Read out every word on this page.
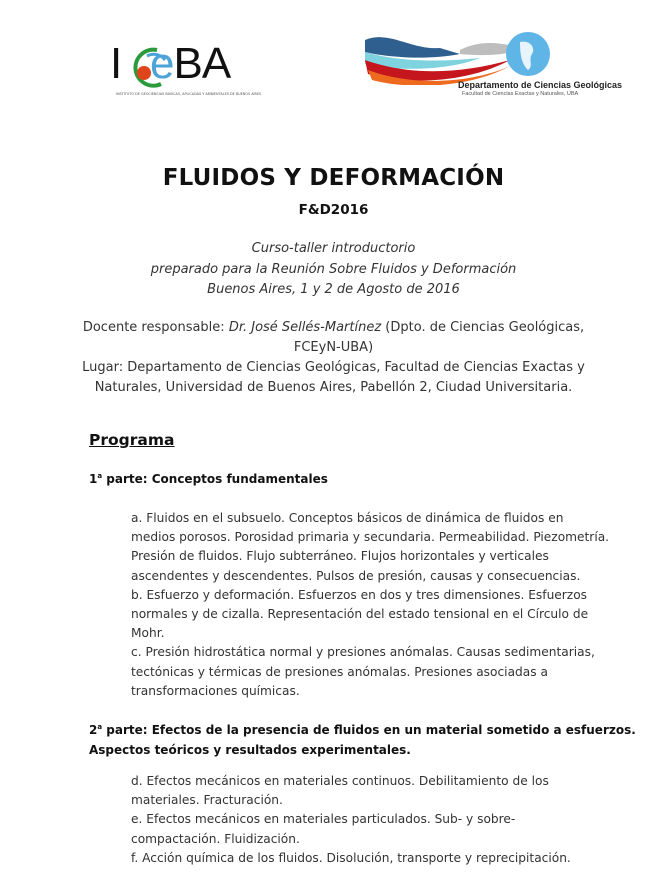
I eBA
INSTITUTO DE GEOCIENCIAS BÁSICAS, APLICADAS Y AMBIENTALES DE BUENOS AIRES
Departamento de Ciencias Geológicas
Facultad de Ciencias Exactas y Naturales, UBA
FLUIDOS Y DEFORMACIÓN
F&D2016
Curso-taller introductorio
preparado para la Reunión Sobre Fluidos y Deformación
Buenos Aires, 1 y 2 de Agosto de 2016
Docente responsable: Dr. José Sellés-Martínez (Dpto. de Ciencias Geológicas,
FCEyN-UBA)
Lugar: Departamento de Ciencias Geológicas, Facultad de Ciencias Exactas y
Naturales, Universidad de Buenos Aires, Pabellón 2, Ciudad Universitaria.
Programa
1$^a$ parte: Conceptos fundamentales
a. Fluidos en el subsuelo. Conceptos básicos de dinámica de fluidos en
medios porosos. Porosidad primaria y secundaria. Permeabilidad. Piezometría.
Presión de fluidos. Flujo subterráneo. Flujos horizontales y verticales
ascendentes y descendentes. Pulsos de presión, causas y consecuencias.
b. Esfuerzo y deformación. Esfuerzos en dos y tres dimensiones. Esfuerzos
normales y de cizalla. Representación del estado tensional en el Círculo de
Mohr.
c. Presión hidrostática normal y presiones anómalas. Causas sedimentarias,
tectónicas y térmicas de presiones anómalas. Presiones asociadas a
transformaciones químicas.
2$^a$ parte: Efectos de la presencia de fluidos en un material sometido a esfuerzos.
Aspectos teóricos y resultados experimentales.
d. Efectos mecánicos en materiales continuos. Debilitamiento de los
materiales. Fracturación.
e. Efectos mecánicos en materiales particulados. Sub- y sobre-
compactación. Fluidización.
f. Acción química de los fluidos. Disolución, transporte y reprecipitación.
